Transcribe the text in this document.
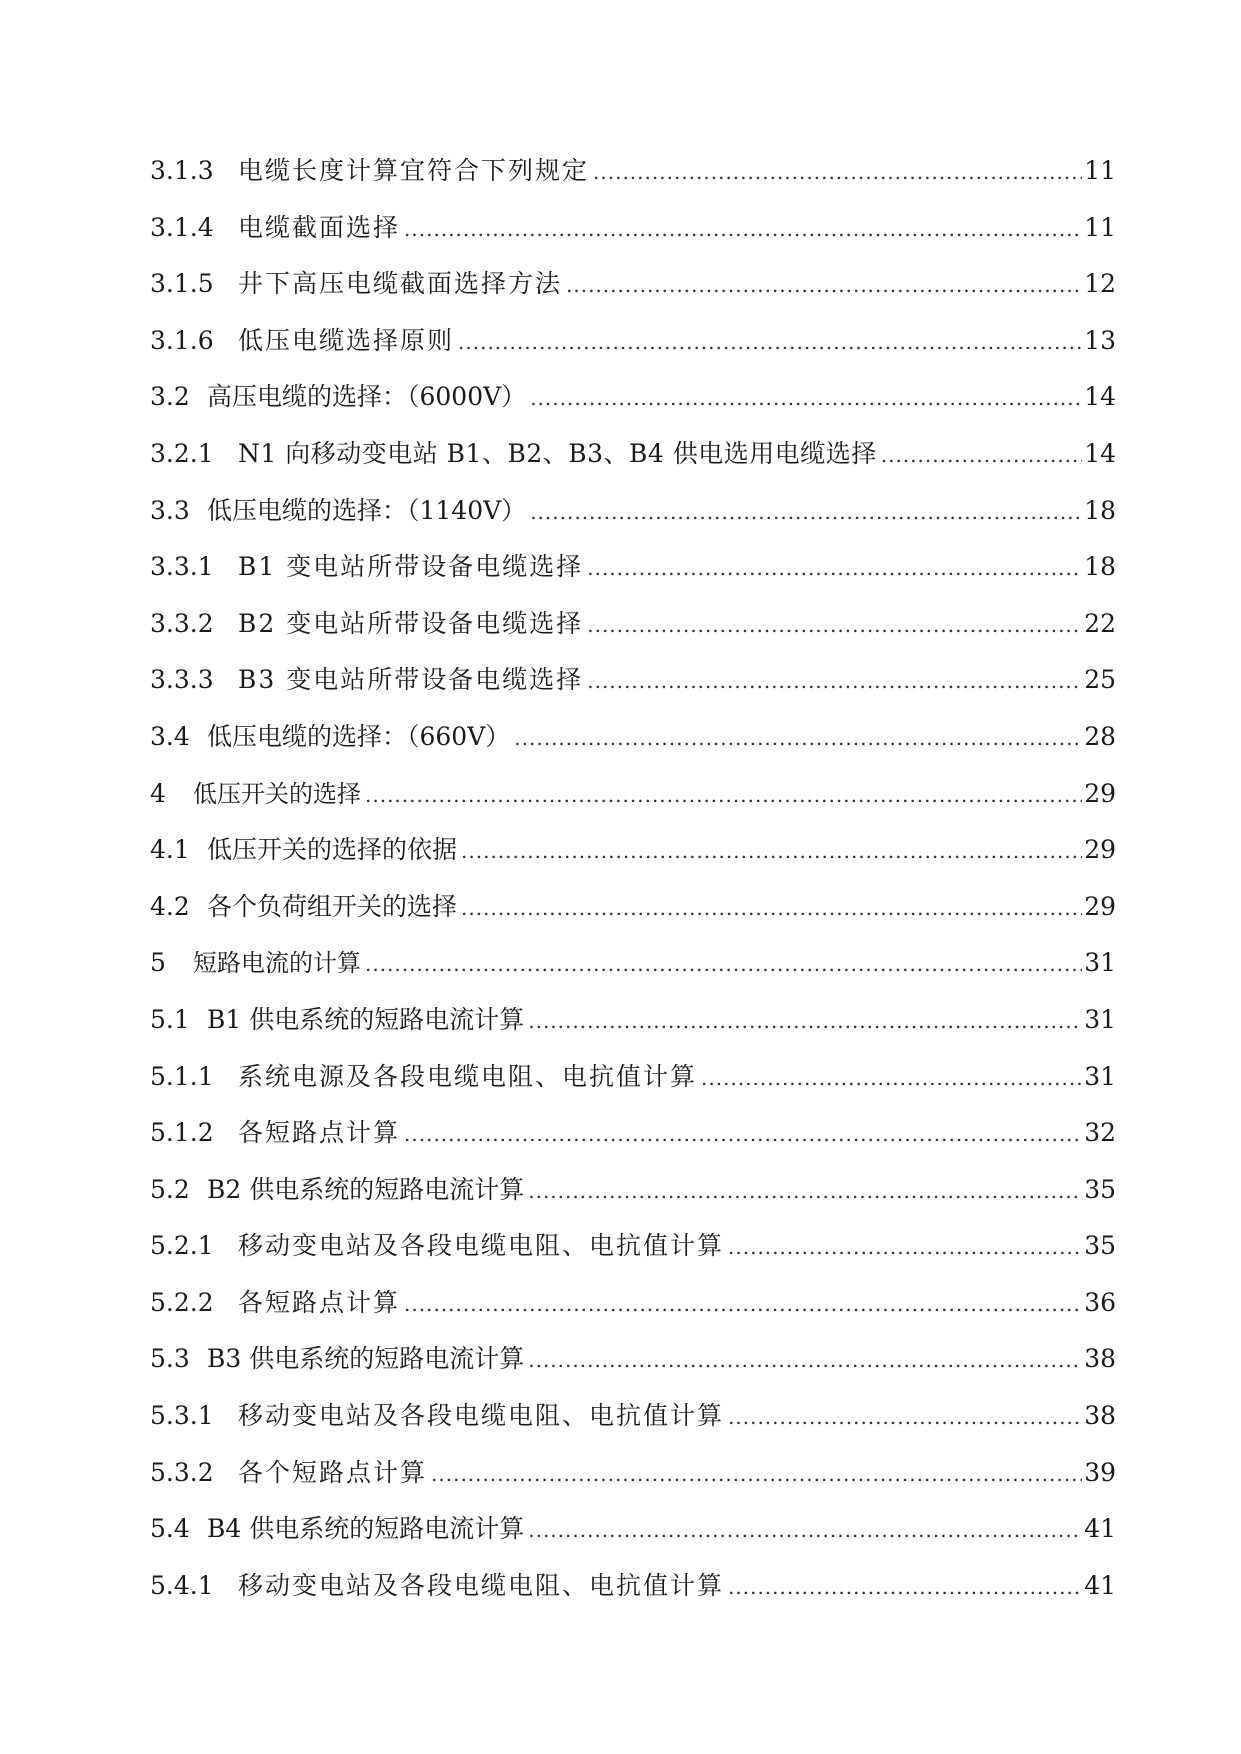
3.1.3 电缆长度计算宜符合下列规定 .....	11
3.1.4 电缆截面选择 .....	11
3.1.5 井下高压电缆截面选择方法 .....	12
3.1.6 低压电缆选择原则 .....	13
3.2 高压电缆的选择：（6000V） .....	14
3.2.1 N1 向移动变电站 B1、B2、B3、B4 供电选用电缆选择 .....	14
3.3 低压电缆的选择：（1140V） .....	18
3.3.1 B1 变电站所带设备电缆选择 .....	18
3.3.2 B2 变电站所带设备电缆选择 .....	22
3.3.3 B3 变电站所带设备电缆选择 .....	25
3.4 低压电缆的选择：（660V） .....	28
4	低压开关的选择 .....	29
4.1 低压开关的选择的依据 .....	29
4.2 各个负荷组开关的选择 .....	29
5	短路电流的计算 .....	31
5.1 B1 供电系统的短路电流计算 .....	31
5.1.1 系统电源及各段电缆电阻、电抗值计算 .....	31
5.1.2 各短路点计算 .....	32
5.2 B2 供电系统的短路电流计算 .....	35
5.2.1 移动变电站及各段电缆电阻、电抗值计算 .....	35
5.2.2 各短路点计算 .....	36
5.3 B3 供电系统的短路电流计算 .....	38
5.3.1 移动变电站及各段电缆电阻、电抗值计算 .....	38
5.3.2 各个短路点计算 .....	39
5.4 B4 供电系统的短路电流计算 .....	41
5.4.1 移动变电站及各段电缆电阻、电抗值计算 .....	41
